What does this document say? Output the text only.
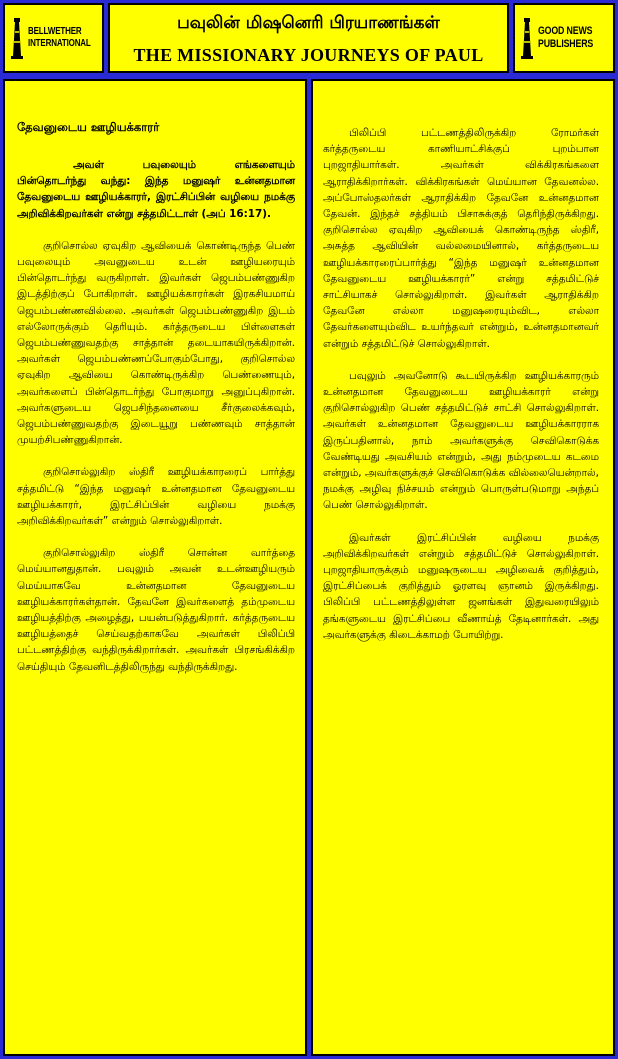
BELLWETHER
INTERNATIONAL
பவுலின் மிஷனெரி பிரயாணங்கள்
THE MISSIONARY JOURNEYS OF PAUL
GOOD NEWS
PUBLISHERS
தேவனுடைய ஊழியக்காரர்

அவள் பவுலையும் எங்களையும் பின்தொடர்ந்து வந்து: இந்த மனுஷர் உன்னதமான தேவனுடைய ஊழியக்காரர், இரட்சிப்பின் வழியை நமக்கு அறிவிக்கிறவர்கள் என்று சத்தமிட்டாள் (அப் 16:17).

குறிசொல்ல ஏவுகிற ஆவியைக் கொண்டிருந்த பெண் பவுலையும் அவனுடைய உடன் ஊழியரையும் பின்தொடர்ந்து வருகிறாள். இவர்கள் ஜெபம்பண்ணுகிற இடத்திற்குப் போகிறாள். ஊழியக்காரர்கள் இரகசியமாய் ஜெபம்பண்ணவில்லை. அவர்கள் ஜெபம்பண்ணுகிற இடம் எல்லோருக்கும் தெரியும். கர்த்தருடைய பிள்ளைகள் ஜெபம்பண்ணுவதற்கு சாத்தான் தடையாகயிருக்கிறான். அவர்கள் ஜெபம்பண்ணப்போகும்போது, குறிசொல்ல ஏவுகிற ஆவியை கொண்டிருக்கிற பெண்ணையும், அவர்களைப் பின்தொடர்ந்து போகுமாறு அனுப்புகிறான். அவர்களுடைய ஜெபசிந்தனையை சீர்குலைக்கவும், ஜெபம்பண்ணுவதற்கு இடையூறு பண்ணவும் சாத்தான் முயற்சிபண்ணுகிறான்.

குறிசொல்லுகிற ஸ்திரீ ஊழியக்காரரைப் பார்த்து சத்தமிட்டு “இந்த மனுஷர் உன்னதமான தேவனுடைய ஊழியக்காரர், இரட்சிப்பின் வழியை நமக்கு அறிவிக்கிறவர்கள்” என்றும் சொல்லுகிறாள்.

குறிசொல்லுகிற ஸ்திரீ சொன்ன வார்த்தை மெய்யானதுதான். பவுலும் அவன் உடன்ஊழியரும் மெய்யாகவே உன்னதமான தேவனுடைய ஊழியக்காரர்கள்தான். தேவனே இவர்களைத் தம்முடைய ஊழியத்திற்கு அழைத்து, பயன்படுத்துகிறார். கர்த்தருடைய ஊழியத்தைச் செய்வதற்காகவே அவர்கள் பிலிப்பி பட்டணத்திற்கு வந்திருக்கிறார்கள். அவர்கள் பிரசங்கிக்கிற செய்தியும் தேவனிடத்திலிருந்து வந்திருக்கிறது.

பிலிப்பி பட்டணத்திலிருக்கிற ரோமர்கள் கர்த்தருடைய காணியாட்சிக்குப் புறம்பான புறஜாதியார்கள். அவர்கள் விக்கிரகங்களை ஆராதிக்கிறார்கள். விக்கிரகங்கள் மெய்யான தேவனல்ல. அப்போஸ்தலர்கள் ஆராதிக்கிற தேவனே உன்னதமான தேவன். இந்தச் சத்தியம் பிசாசுக்குத் தெரிந்திருக்கிறது. குறிசொல்ல ஏவுகிற ஆவியைக் கொண்டிருந்த ஸ்திரீ, அசுத்த ஆவியின் வல்லமையினால், கர்த்தருடைய ஊழியக்காரரைப்பார்த்து “இந்த மனுஷர் உன்னதமான தேவனுடைய ஊழியக்காரர்” என்று சத்தமிட்டுச் சாட்சியாகச் சொல்லுகிறாள். இவர்கள் ஆராதிக்கிற தேவனே எல்லா மனுஷரையும்விட, எல்லா தேவர்களையும்விட உயர்ந்தவர் என்றும், உன்னதமானவர் என்றும் சத்தமிட்டுச் சொல்லுகிறாள்.

பவுலும் அவனோடு கூடயிருக்கிற ஊழியக்காரரும் உன்னதமான தேவனுடைய ஊழியக்காரர் என்று குறிசொல்லுகிற பெண் சத்தமிட்டுச் சாட்சி சொல்லுகிறாள். அவர்கள் உன்னதமான தேவனுடைய ஊழியக்காரராக இருப்பதினால், நாம் அவர்களுக்கு செவிகொடுக்க வேண்டியது அவசியம் என்றும், அது நம்முடைய கடமை என்றும், அவர்களுக்குச் செவிகொடுக்க வில்லையென்றால், நமக்கு அழிவு நிச்சயம் என்றும் பொருள்படுமாறு அந்தப் பெண் சொல்லுகிறாள்.

இவர்கள் இரட்சிப்பின் வழியை நமக்கு அறிவிக்கிறவர்கள் என்றும் சத்தமிட்டுச் சொல்லுகிறாள். புறஜாதியாருக்கும் மனுஷருடைய அழிவைக் குறித்தும், இரட்சிப்பைக் குறித்தும் ஓரளவு ஞானம் இருக்கிறது. பிலிப்பி பட்டணத்திலுள்ள ஜனங்கள் இதுவரையிலும் தங்களுடைய இரட்சிப்பை வீணாய்த் தேடினார்கள். அது அவர்களுக்கு கிடைக்காமற் போயிற்று.
